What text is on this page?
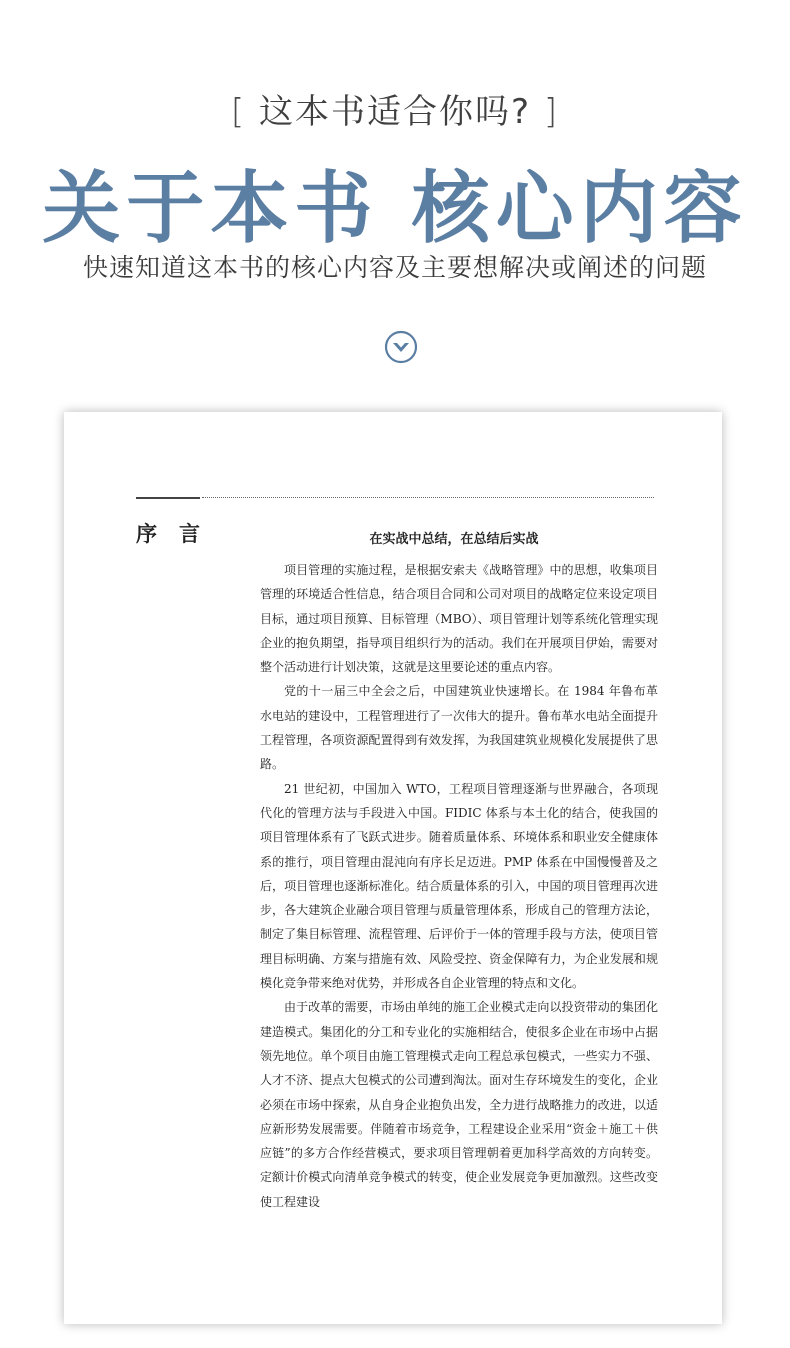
[ 这本书适合你吗? ]
关于本书 核心内容
快速知道这本书的核心内容及主要想解决或阐述的问题
序 言	在实战中总结，在总结后实战

项目管理的实施过程，是根据安索夫《战略管理》中的思想，收集项目管理的环境适合性信息，结合项目合同和公司对项目的战略定位来设定项目目标，通过项目预算、目标管理（MBO）、项目管理计划等系统化管理实现企业的抱负期望，指导项目组织行为的活动。我们在开展项目伊始，需要对整个活动进行计划决策，这就是这里要论述的重点内容。

党的十一届三中全会之后，中国建筑业快速增长。在 1984 年鲁布革水电站的建设中，工程管理进行了一次伟大的提升。鲁布革水电站全面提升工程管理，各项资源配置得到有效发挥，为我国建筑业规模化发展提供了思路。

21 世纪初，中国加入 WTO，工程项目管理逐渐与世界融合，各项现代化的管理方法与手段进入中国。FIDIC 体系与本土化的结合，使我国的项目管理体系有了飞跃式进步。随着质量体系、环境体系和职业安全健康体系的推行，项目管理由混沌向有序长足迈进。PMP 体系在中国慢慢普及之后，项目管理也逐渐标准化。结合质量体系的引入，中国的项目管理再次进步，各大建筑企业融合项目管理与质量管理体系，形成自己的管理方法论，制定了集目标管理、流程管理、后评价于一体的管理手段与方法，使项目管理目标明确、方案与措施有效、风险受控、资金保障有力，为企业发展和规模化竞争带来绝对优势，并形成各自企业管理的特点和文化。

由于改革的需要，市场由单纯的施工企业模式走向以投资带动的集团化建造模式。集团化的分工和专业化的实施相结合，使很多企业在市场中占据领先地位。单个项目由施工管理模式走向工程总承包模式，一些实力不强、人才不济、提点大包模式的公司遭到淘汰。面对生存环境发生的变化，企业必须在市场中探索，从自身企业抱负出发，全力进行战略推力的改进，以适应新形势发展需要。伴随着市场竞争，工程建设企业采用“资金＋施工＋供应链”的多方合作经营模式，要求项目管理朝着更加科学高效的方向转变。定额计价模式向清单竞争模式的转变，使企业发展竞争更加激烈。这些改变使工程建设
